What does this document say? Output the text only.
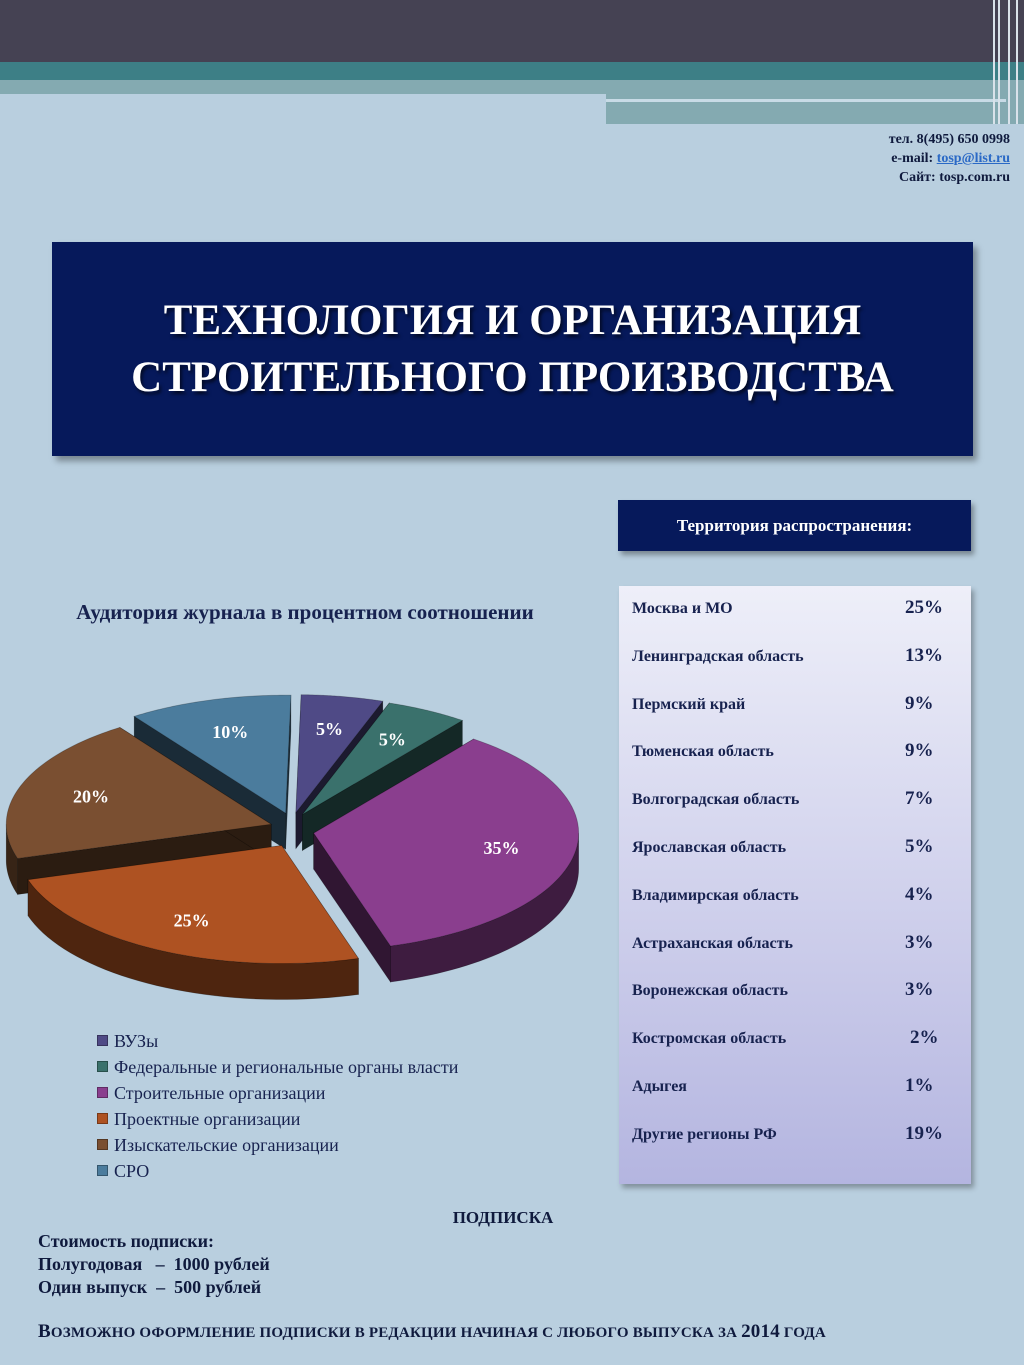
тел. 8(495) 650 0998
e-mail: tosp@list.ru
Сайт: tosp.com.ru
ТЕХНОЛОГИЯ И ОРГАНИЗАЦИЯ СТРОИТЕЛЬНОГО ПРОИЗВОДСТВА
Территория распространения:
Москва и МО	25%
Ленинградская область	13%
Пермский край	9%
Тюменская область	9%
Волгоградская область	7%
Ярославская область	5%
Владимирская область	4%
Астраханская область	3%
Воронежская область	3%
Костромская область	2%
Адыгея	1%
Другие регионы РФ	19%
Аудитория журнала в процентном соотношении
5%
5%
35%
25%
20%
10%
ВУЗы
Федеральные и региональные органы власти
Строительные организации
Проектные организации
Изыскательские организации
СРО
ПОДПИСКА
Стоимость подписки:
Полугодовая   –  1000 рублей
Один выпуск  –  500 рублей
ВОЗМОЖНО ОФОРМЛЕНИЕ ПОДПИСКИ В РЕДАКЦИИ НАЧИНАЯ С ЛЮБОГО ВЫПУСКА ЗА 2014 ГОДА
